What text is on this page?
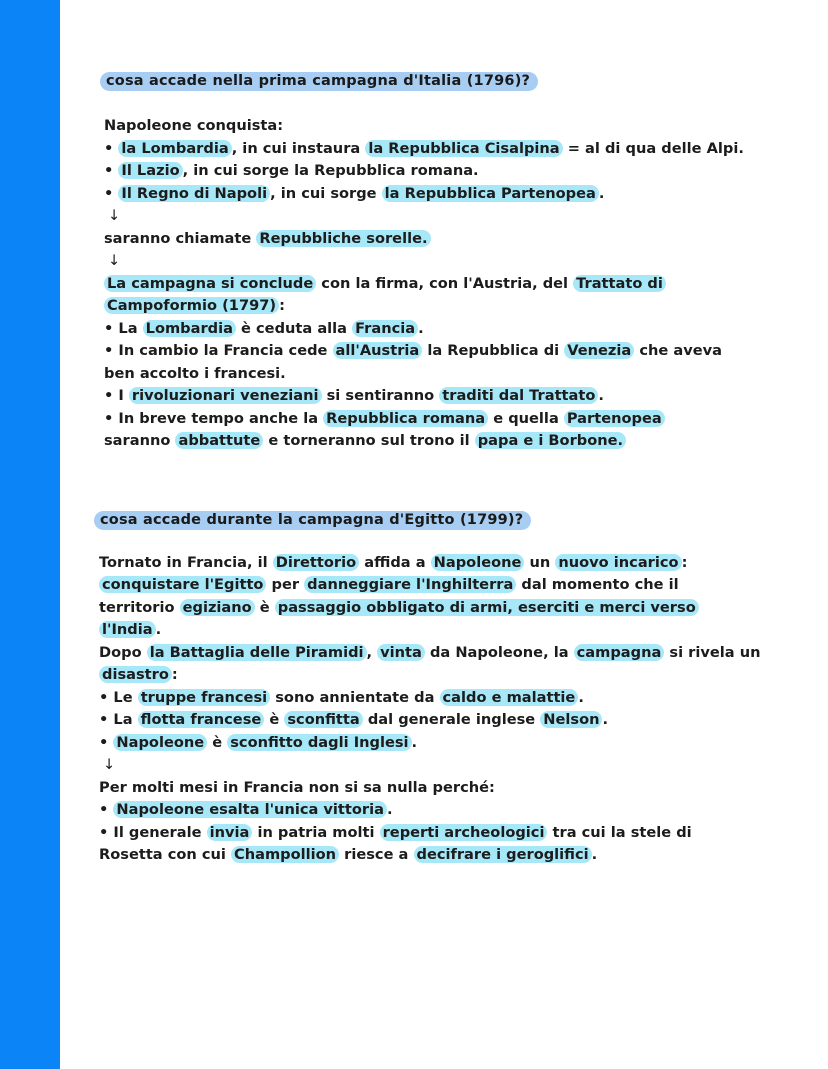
cosa accade nella prima campagna d'Italia (1796)?
Napoleone conquista:
• la Lombardia , in cui instaura la Repubblica Cisalpina = al di qua delle Alpi.
• Il Lazio , in cui sorge la Repubblica romana.
• Il Regno di Napoli , in cui sorge la Repubblica Partenopea .
↓
saranno chiamate Repubbliche sorelle.
↓
La campagna si conclude con la firma, con l'Austria, del Trattato di
Campoformio (1797) :
• La Lombardia è ceduta alla Francia .
• In cambio la Francia cede all'Austria la Repubblica di Venezia che aveva
ben accolto i francesi.
• I rivoluzionari veneziani si sentiranno traditi dal Trattato .
• In breve tempo anche la Repubblica romana e quella Partenopea
saranno abbattute e torneranno sul trono il papa e i Borbone.
cosa accade durante la campagna d'Egitto (1799)?
Tornato in Francia, il Direttorio affida a Napoleone un nuovo incarico :
conquistare l'Egitto per danneggiare l'Inghilterra dal momento che il
territorio egiziano è passaggio obbligato di armi, eserciti e merci verso
l'India .
Dopo la Battaglia delle Piramidi , vinta da Napoleone, la campagna si rivela un
disastro :
• Le truppe francesi sono annientate da caldo e malattie .
• La flotta francese è sconfitta dal generale inglese Nelson .
• Napoleone è sconfitto dagli Inglesi .
↓
Per molti mesi in Francia non si sa nulla perché:
• Napoleone esalta l'unica vittoria .
• Il generale invia in patria molti reperti archeologici tra cui la stele di
Rosetta con cui Champollion riesce a decifrare i geroglifici .
